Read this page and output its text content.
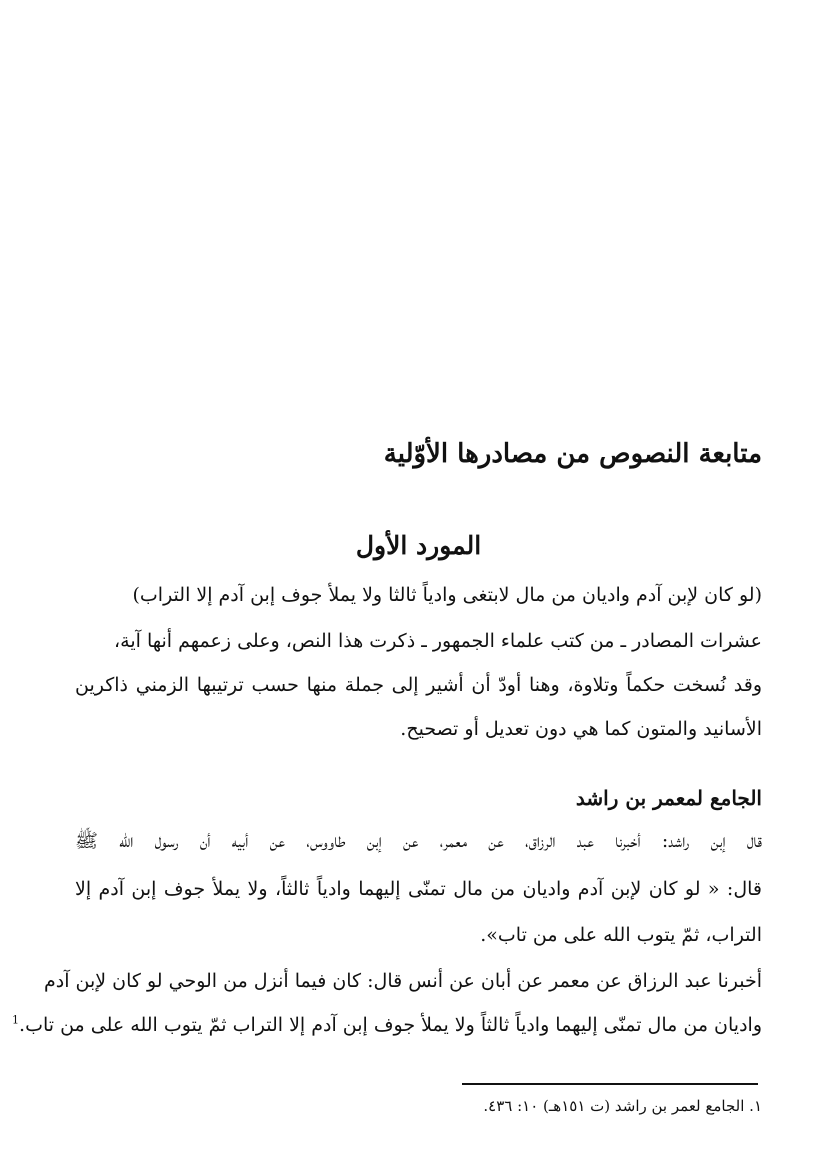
متابعة النصوص من مصادرها الأوّلية
المورد الأول
(لو كان لإبن آدم واديان من مال لابتغى وادياً ثالثا ولا يملأ جوف إبن آدم إلا التراب)
عشرات المصادر ـ من كتب علماء الجمهور ـ ذكرت هذا النص، وعلى زعمهم أنها آية،
وقد نُسخت حكماً وتلاوة، وهنا أودّ أن أشير إلى جملة منها حسب ترتيبها الزمني ذاكرين
الأسانيد والمتون كما هي دون تعديل أو تصحيح.
الجامع لمعمر بن راشد
قال إبن راشد: أخبرنا عبد الرزاق، عن معمر، عن إبن طاووس، عن أبيه أن رسول الله ﷺ
قال: « لو كان لإبن آدم واديان من مال تمنّى إليهما وادياً ثالثاً، ولا يملأ جوف إبن آدم إلا
التراب، ثمّ يتوب الله على من تاب».
أخبرنا عبد الرزاق عن معمر عن أبان عن أنس قال: كان فيما أنزل من الوحي لو كان لإبن آدم
واديان من مال تمنّى إليهما وادياً ثالثاً ولا يملأ جوف إبن آدم إلا التراب ثمّ يتوب الله على من تاب.$^1$
١. الجامع لعمر بن راشد (ت ١٥١هـ) ١٠: ٤٣٦.
